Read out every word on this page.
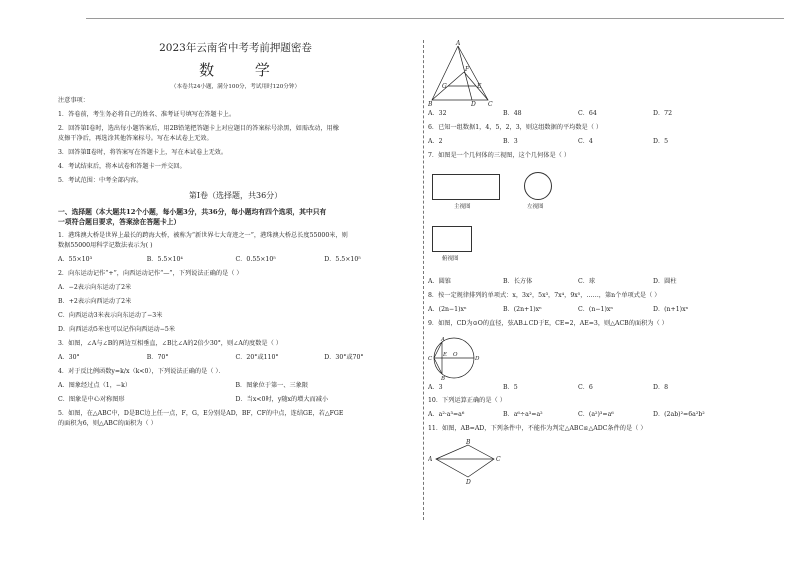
2023年云南省中考考前押题密卷
数 学
（本卷共24小题，满分100分，考试用时120分钟）

注意事项：

1．答卷前，考生务必将自己的姓名、准考证号填写在答题卡上。

2．回答第Ⅰ卷时，选出每小题答案后，用2B铅笔把答题卡上对应题目的答案标号涂黑，如需改动，用橡

皮擦干净后，再选涂其他答案标号。写在本试卷上无效。

3．回答第Ⅱ卷时，将答案写在答题卡上，写在本试卷上无效。

4．考试结束后，将本试卷和答题卡一并交回。

5．考试范围：中考全部内容。

第Ⅰ卷（选择题，共36分）
一、选择题（本大题共12个小题，每小题3分，共36分，每小题均有四个选项，其中只有
一项符合题目要求，答案涂在答题卡上）

1．港珠澳大桥是世界上最长的跨海大桥，被称为“新世界七大奇迹之一”，港珠澳大桥总长度55000米，则

数据55000用科学记数法表示为( )

A．55×10³	B．5.5×10⁴	C．0.55×10⁵	D．5.5×10⁵

2．向东运动记作“+”，向西运动记作“—”，下列说法正确的是（ ）

A．−2表示向东运动了2米

B．+2表示向西运动了2米

C．向西运动3米表示向东运动了−3米

D．向西运动5米也可以记作向西运动−5米

3．如图，∠A与∠B的两边互相垂直，∠B比∠A的2倍少30°，则∠A的度数是（ ）

A．30°	B．70°	C．20°或110°	D．30°或70°

4．对于反比例函数y=k/x（k<0），下列说法正确的是（ ）．

A．图象经过点（1，−k）	B．图象位于第一、三象限
C．图象是中心对称图形	D．当x<0时，y随x的增大而减小

5．如图，在△ABC中，D是BC边上任一点，F，G，E分别是AD，BF，CF的中点，连结GE，若△FGE

的面积为6，则△ABC的面积为（ ）

A
B	C
D
E
F
G
A．32	B．48	C．64	D．72

6．已知一组数据1，4，5，2，3，则这组数据的平均数是（ ）

A．2	B．3	C．4	D．5

7．如图是一个几何体的三视图，这个几何体是（ ）

主视图	左视图
俯视图
A．圆锥	B．长方体	C．球	D．圆柱

8．按一定规律排列的单项式：x，3x²，5x³，7x⁴，9x⁵，……，第n个单项式是（ ）

A．(2n−1)xⁿ	B．(2n+1)xⁿ	C．(n−1)xⁿ	D．(n+1)xⁿ

9．如图，CD为⊙O的直径，弦AB⊥CD于E，CE=2，AE=3，则△ACB的面积为（ ）

C
A
E O
D
B
A．3	B．5	C．6	D．8

10．下列运算正确的是（ ）

A．a²·a³=a⁶	B．a⁶÷a³=a²	C．(a²)³=a⁶	D．(2ab)²=6a²b²

11．如图，AB=AD，下列条件中，不能作为判定△ABC≌△ADC条件的是（ ）

A
B
C
D
